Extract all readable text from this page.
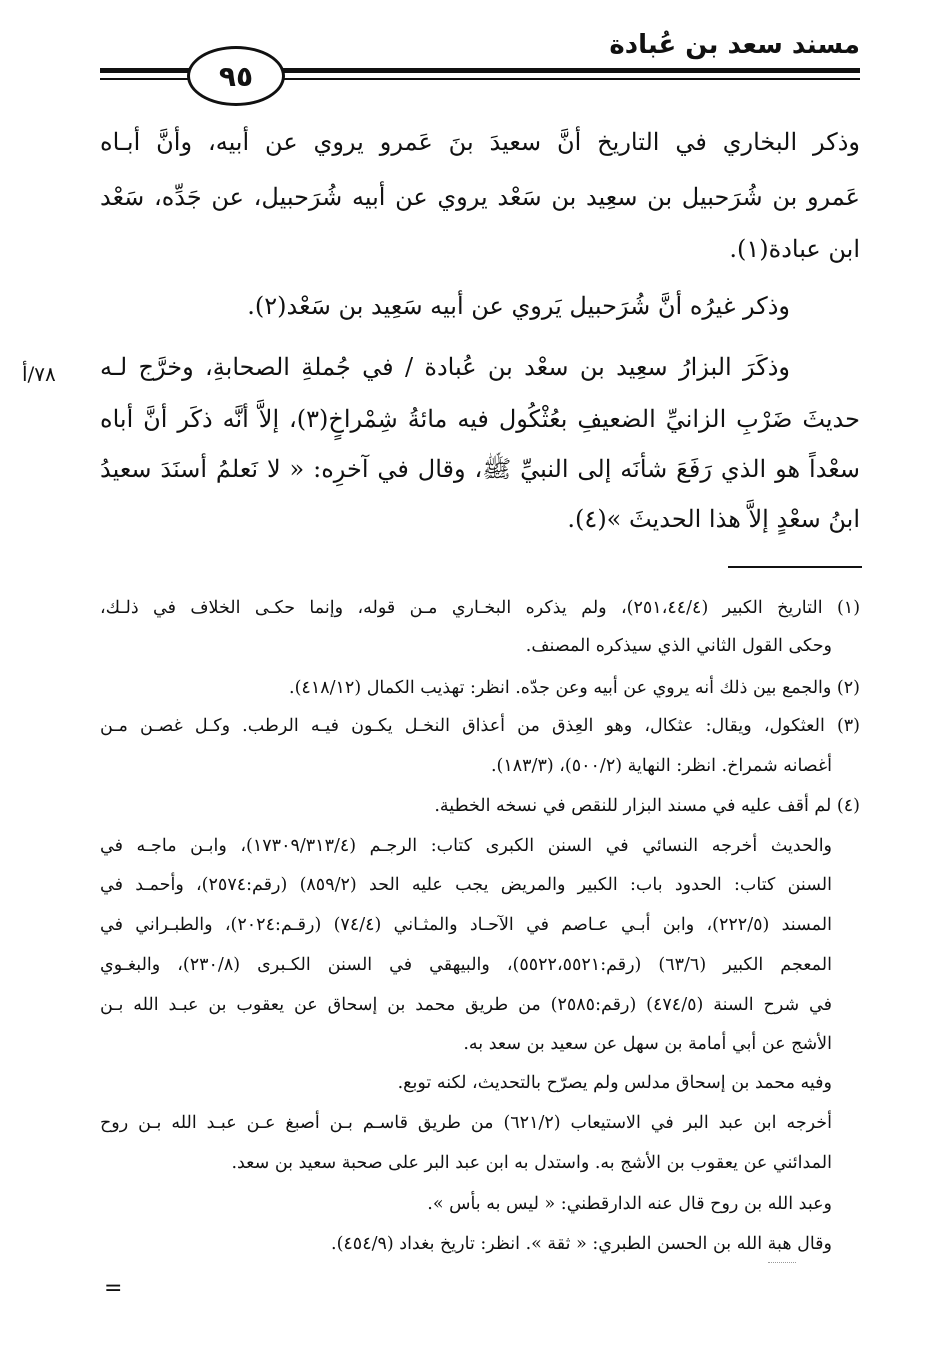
مسند سعد بن عُبادة
٩٥
٧٨/أ
وذكر البخاري في التاريخ أنَّ سعيدَ بنَ عَمرو يروي عن أبيه، وأنَّ أبـاه
عَمرو بن شُرَحبيل بن سعِيد بن سَعْد يروي عن أبيه شُرَحبيل، عن جَدِّه، سَعْد
ابن عبادة(١).
وذكر غيرُه أنَّ شُرَحبيل يَروي عن أبيه سَعِيد بن سَعْد(٢).
وذكَرَ البزارُ سعِيد بن سعْد بن عُبادة / في جُملةِ الصحابةِ، وخرَّج لـه
حديثَ ضَرْبِ الزانيِّ الضعيفِ بعُثْكُول فيه مائةُ شِمْراخٍ(٣)، إلاَّ أنَّه ذكَر أنَّ أباه
سعْداً هو الذي رَفَعَ شأنَه إلى النبيِّ ﷺ، وقال في آخرِه: « لا نَعلمُ أسنَدَ سعيدُ
ابنُ سعْدٍ إلاَّ هذا الحديثَ »(٤).
(١) التاريخ الكبير (٢٥١،٤٤/٤)، ولم يذكره البخـاري مـن قوله، وإنما حكـى الخلاف في ذلـك،
وحكى القول الثاني الذي سيذكره المصنف.
(٢) والجمع بين ذلك أنه يروي عن أبيه وعن جدّه. انظر: تهذيب الكمال (٤١٨/١٢).
(٣) العثكول، ويقال: عثكال، وهو العِذق من أعذاق النخـل يكـون فيـه الرطب. وكـل غصـن مـن
أغصانه شمراخ. انظر: النهاية (٥٠٠/٢)، (١٨٣/٣).
(٤) لم أقف عليه في مسند البزار للنقص في نسخه الخطية.
والحديث أخرجه النسائي في السنن الكبرى كتاب: الرجـم (١٧٣٠٩/٣١٣/٤)، وابـن ماجـه في
السنن كتاب: الحدود باب: الكبير والمريض يجب عليه الحد (٨٥٩/٢) (رقم:٢٥٧٤)، وأحمـد في
المسند (٢٢٢/٥)، وابن أبـي عـاصم في الآحـاد والمثـاني (٧٤/٤) (رقـم:٢٠٢٤)، والطبـراني في
المعجم الكبير (٦٣/٦) (رقم:٥٥٢٢،٥٥٢١)، والبيهقي في السنن الكـبرى (٢٣٠/٨)، والبغـوي
في شرح السنة (٤٧٤/٥) (رقم:٢٥٨٥) من طريق محمد بن إسحاق عن يعقوب بن عبـد الله بـن
الأشج عن أبي أمامة بن سهل عن سعيد بن سعد به.
وفيه محمد بن إسحاق مدلس ولم يصرّح بالتحديث، لكنه توبع.
أخرجه ابن عبد البر في الاستيعاب (٦٢١/٢) من طريق قاسـم بـن أصبغ عـن عبـد الله بـن روح
المدائني عن يعقوب بن الأشج به. واستدل به ابن عبد البر على صحبة سعيد بن سعد.
وعبد الله بن روح قال عنه الدارقطني: « ليس به بأس ».
وقال هبة الله بن الحسن الطبري: « ثقة ». انظر: تاريخ بغداد (٤٥٤/٩).
=
